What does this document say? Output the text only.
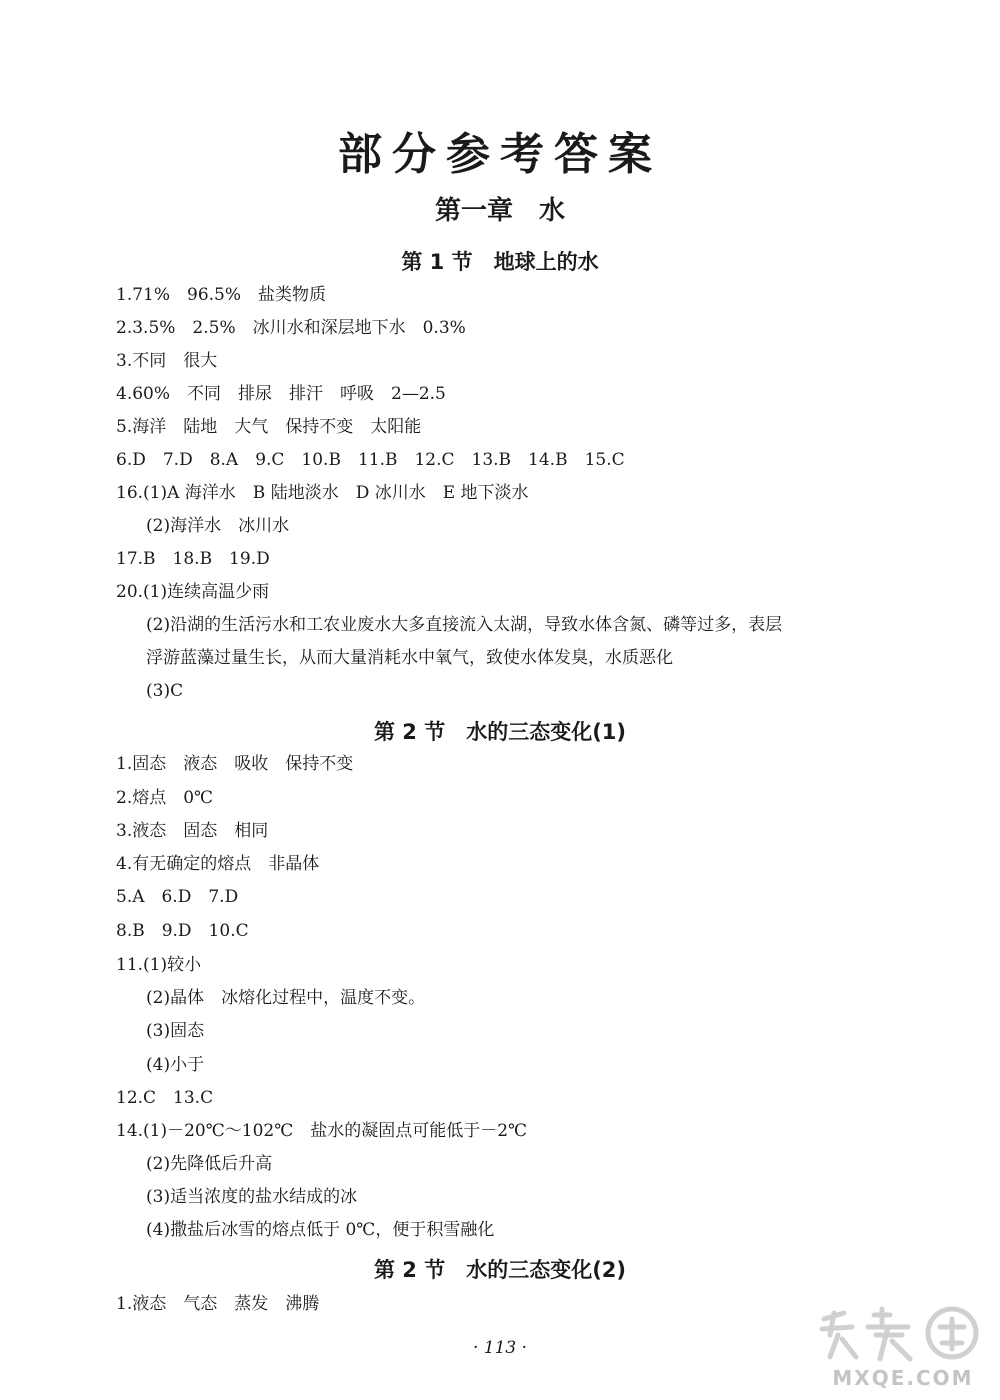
部分参考答案
第一章　水
第 1 节　地球上的水
1.71%　96.5%　盐类物质
2.3.5%　2.5%　冰川水和深层地下水　0.3%
3.不同　很大
4.60%　不同　排尿　排汗　呼吸　2—2.5
5.海洋　陆地　大气　保持不变　太阳能
6.D　7.D　8.A　9.C　10.B　11.B　12.C　13.B　14.B　15.C
16.(1)A 海洋水　B 陆地淡水　D 冰川水　E 地下淡水
(2)海洋水　冰川水
17.B　18.B　19.D
20.(1)连续高温少雨
(2)沿湖的生活污水和工农业废水大多直接流入太湖，导致水体含氮、磷等过多，表层
浮游蓝藻过量生长，从而大量消耗水中氧气，致使水体发臭，水质恶化
(3)C
第 2 节　水的三态变化(1)
1.固态　液态　吸收　保持不变
2.熔点　0℃
3.液态　固态　相同
4.有无确定的熔点　非晶体
5.A　6.D　7.D
8.B　9.D　10.C
11.(1)较小
(2)晶体　冰熔化过程中，温度不变。
(3)固态
(4)小于
12.C　13.C
14.(1)－20℃～102℃　盐水的凝固点可能低于－2℃
(2)先降低后升高
(3)适当浓度的盐水结成的冰
(4)撒盐后冰雪的熔点低于 0℃，便于积雪融化
第 2 节　水的三态变化(2)
1.液态　气态　蒸发　沸腾
· 113 ·
MXQE.COM
